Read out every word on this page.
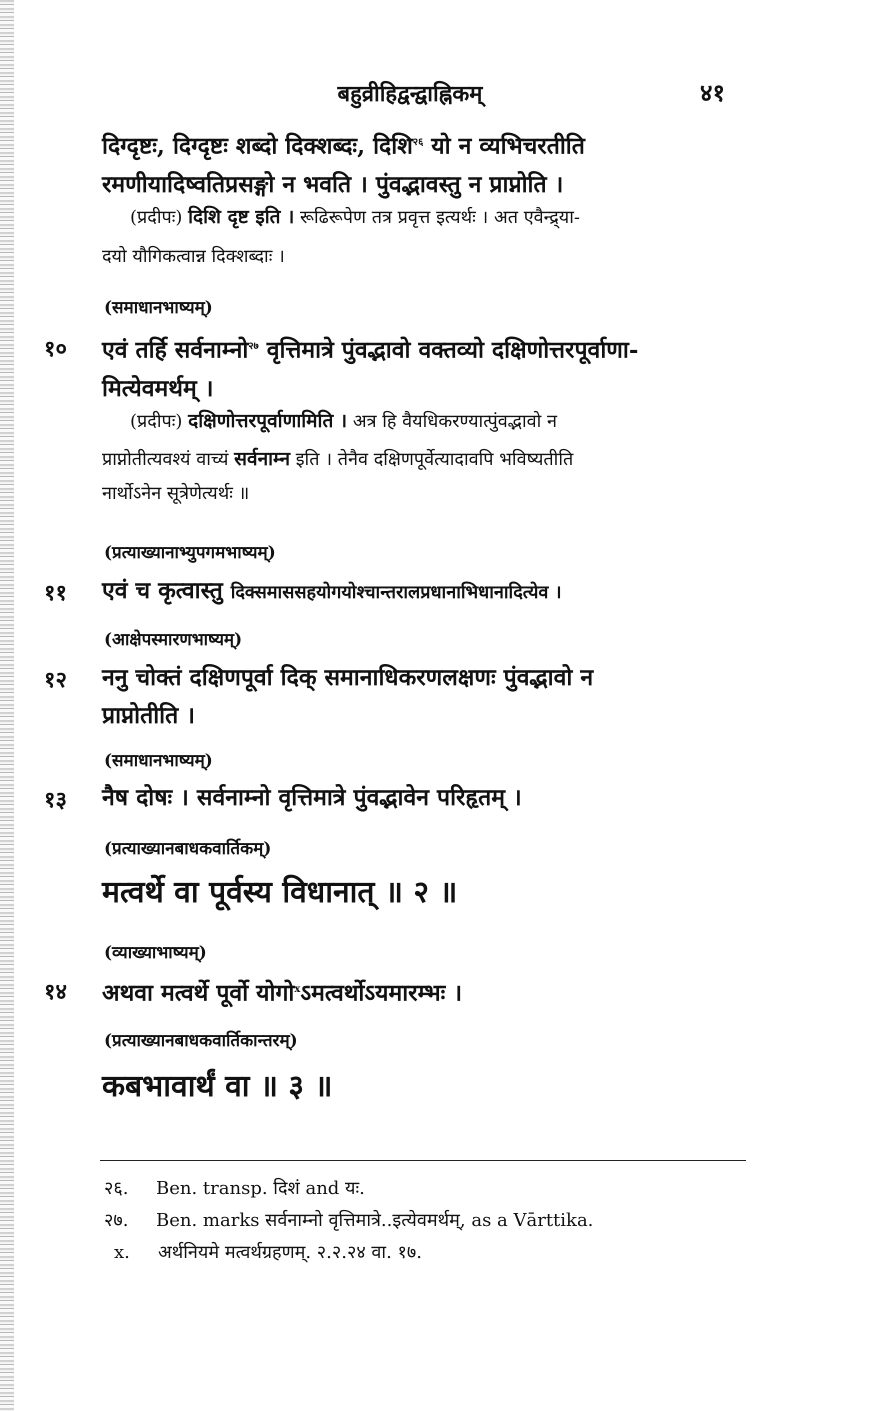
बहुव्रीहिद्वन्द्वाह्निकम्	४१
दिग्दृष्टः, दिग्दृष्टः शब्दो दिक्शब्दः, दिशि$^{२६}$ यो न व्यभिचरतीति
रमणीयादिष्वतिप्रसङ्गो न भवति । पुंवद्भावस्तु न प्राप्नोति ।
(प्रदीपः) दिशि दृष्ट इति । रूढिरूपेण तत्र प्रवृत्त इत्यर्थः । अत एवैन्द्र्या-
दयो यौगिकत्वान्न दिक्शब्दाः ।
(समाधानभाष्यम्)
१० एवं तर्हि सर्वनाम्नो$^{२७}$ वृत्तिमात्रे पुंवद्भावो वक्तव्यो दक्षिणोत्तरपूर्वाणा-
मित्येवमर्थम् ।
(प्रदीपः) दक्षिणोत्तरपूर्वाणामिति । अत्र हि वैयधिकरण्यात्पुंवद्भावो न
प्राप्नोतीत्यवश्यं वाच्यं सर्वनाम्न इति । तेनैव दक्षिणपूर्वेत्यादावपि भविष्यतीति
नार्थोऽनेन सूत्रेणेत्यर्थः ॥
(प्रत्याख्यानाभ्युपगमभाष्यम्)
११ एवं च कृत्वास्तु दिक्समाससहयोगयोश्चान्तरालप्रधानाभिधानादित्येव ।
(आक्षेपस्मारणभाष्यम्)
१२ ननु चोक्तं दक्षिणपूर्वा दिक् समानाधिकरणलक्षणः पुंवद्भावो न
प्राप्नोतीति ।
(समाधानभाष्यम्)
१३ नैष दोषः । सर्वनाम्नो वृत्तिमात्रे पुंवद्भावेन परिहृतम् ।
(प्रत्याख्यानबाधकवार्तिकम्)
मत्वर्थे वा पूर्वस्य विधानात् ॥ २ ॥
(व्याख्याभाष्यम्)
१४ अथवा मत्वर्थे पूर्वो योगो$^x$ऽमत्वर्थोऽयमारम्भः ।
(प्रत्याख्यानबाधकवार्तिकान्तरम्)
कबभावार्थं वा ॥ ३ ॥
२६. Ben. transp. दिशं and यः.
२७. Ben. marks सर्वनाम्नो वृत्तिमात्रे..इत्येवमर्थम्, as a Vārttika.
x. अर्थनियमे मत्वर्थग्रहणम्. २.२.२४ वा. १७.
